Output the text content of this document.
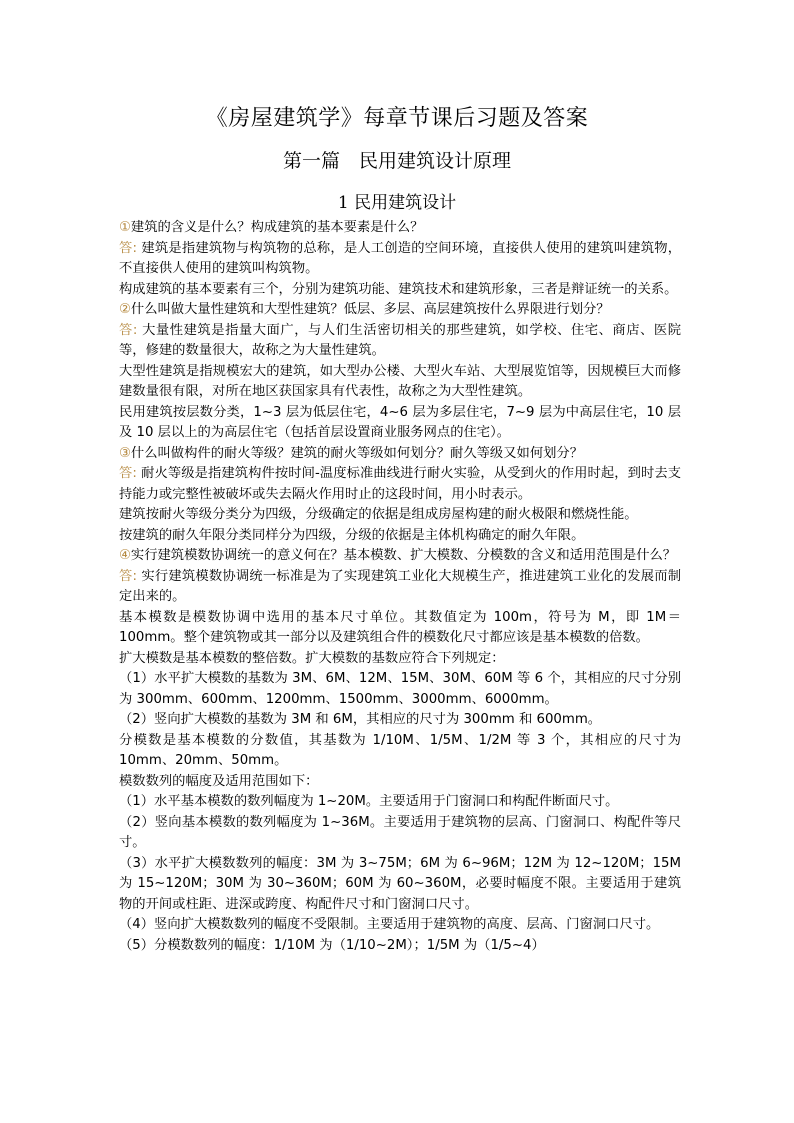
《房屋建筑学》每章节课后习题及答案
第一篇　民用建筑设计原理
1 民用建筑设计

①建筑的含义是什么？构成建筑的基本要素是什么？

答: 建筑是指建筑物与构筑物的总称，是人工创造的空间环境，直接供人使用的建筑叫建筑物，不直接供人使用的建筑叫构筑物。

构成建筑的基本要素有三个，分别为建筑功能、建筑技术和建筑形象，三者是辩证统一的关系。

②什么叫做大量性建筑和大型性建筑？低层、多层、高层建筑按什么界限进行划分？

答: 大量性建筑是指量大面广，与人们生活密切相关的那些建筑，如学校、住宅、商店、医院等，修建的数量很大，故称之为大量性建筑。

大型性建筑是指规模宏大的建筑，如大型办公楼、大型火车站、大型展览馆等，因规模巨大而修建数量很有限，对所在地区获国家具有代表性，故称之为大型性建筑。

民用建筑按层数分类，1~3 层为低层住宅，4~6 层为多层住宅，7~9 层为中高层住宅，10 层及 10 层以上的为高层住宅（包括首层设置商业服务网点的住宅）。

③什么叫做构件的耐火等级？建筑的耐火等级如何划分？耐久等级又如何划分？

答: 耐火等级是指建筑构件按时间-温度标准曲线进行耐火实验，从受到火的作用时起，到时去支持能力或完整性被破坏或失去隔火作用时止的这段时间，用小时表示。

建筑按耐火等级分类分为四级，分级确定的依据是组成房屋构建的耐火极限和燃烧性能。

按建筑的耐久年限分类同样分为四级，分级的依据是主体机构确定的耐久年限。

④实行建筑模数协调统一的意义何在？基本模数、扩大模数、分模数的含义和适用范围是什么？

答: 实行建筑模数协调统一标准是为了实现建筑工业化大规模生产，推进建筑工业化的发展而制定出来的。

基本模数是模数协调中选用的基本尺寸单位。其数值定为 100m，符号为 M，即 1M＝100mm。整个建筑物或其一部分以及建筑组合件的模数化尺寸都应该是基本模数的倍数。

扩大模数是基本模数的整倍数。扩大模数的基数应符合下列规定：

（1）水平扩大模数的基数为 3M、6M、12M、15M、30M、60M 等 6 个，其相应的尺寸分别为 300mm、600mm、1200mm、1500mm、3000mm、6000mm。

（2）竖向扩大模数的基数为 3M 和 6M，其相应的尺寸为 300mm 和 600mm。

分模数是基本模数的分数值，其基数为 1/10M、1/5M、1/2M 等 3 个，其相应的尺寸为 10mm、20mm、50mm。

模数数列的幅度及适用范围如下：

（1）水平基本模数的数列幅度为 1~20M。主要适用于门窗洞口和构配件断面尺寸。

（2）竖向基本模数的数列幅度为 1~36M。主要适用于建筑物的层高、门窗洞口、构配件等尺寸。

（3）水平扩大模数数列的幅度：3M 为 3~75M；6M 为 6~96M；12M 为 12~120M；15M 为 15~120M；30M 为 30~360M；60M 为 60~360M，必要时幅度不限。主要适用于建筑物的开间或柱距、进深或跨度、构配件尺寸和门窗洞口尺寸。

（4）竖向扩大模数数列的幅度不受限制。主要适用于建筑物的高度、层高、门窗洞口尺寸。

（5）分模数数列的幅度：1/10M 为（1/10~2M）；1/5M 为（1/5~4）
